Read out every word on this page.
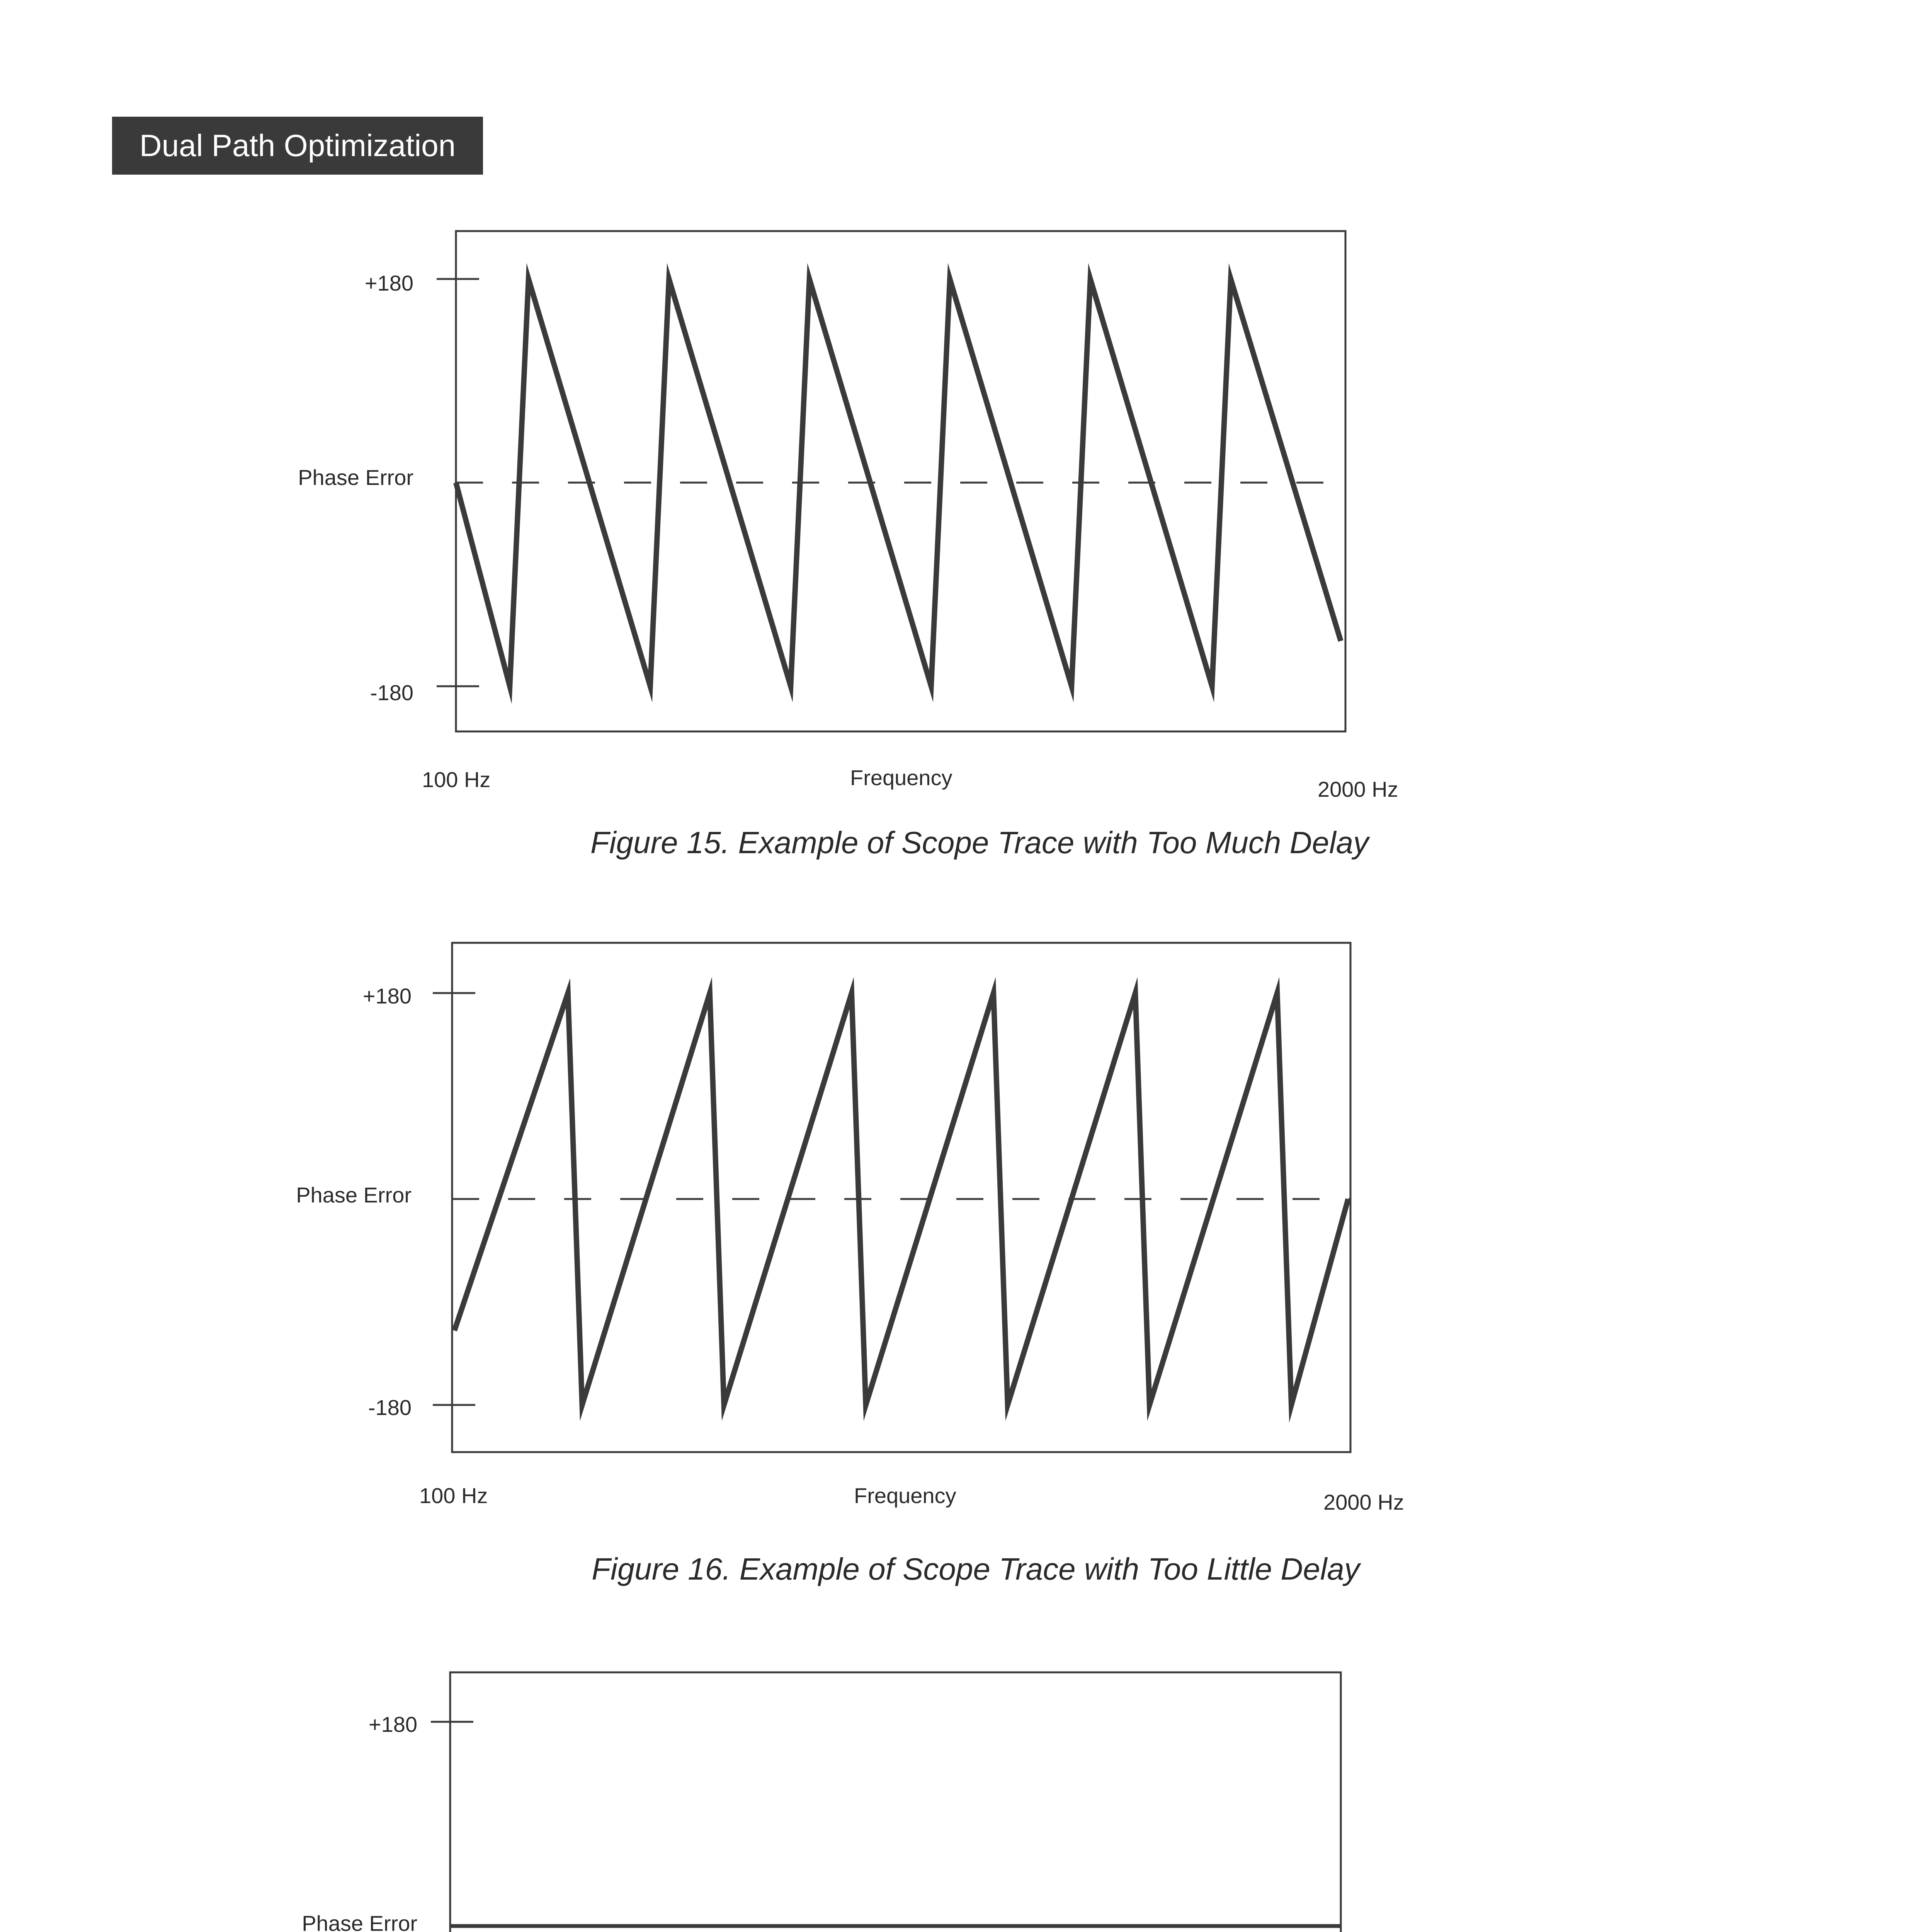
Dual Path Optimization
+180
Phase Error
-180
100 Hz	Frequency	2000 Hz
Figure 15. Example of Scope Trace with Too Much Delay
+180
Phase Error
-180
100 Hz	Frequency	2000 Hz
Figure 16. Example of Scope Trace with Too Little Delay
+180
Phase Error
